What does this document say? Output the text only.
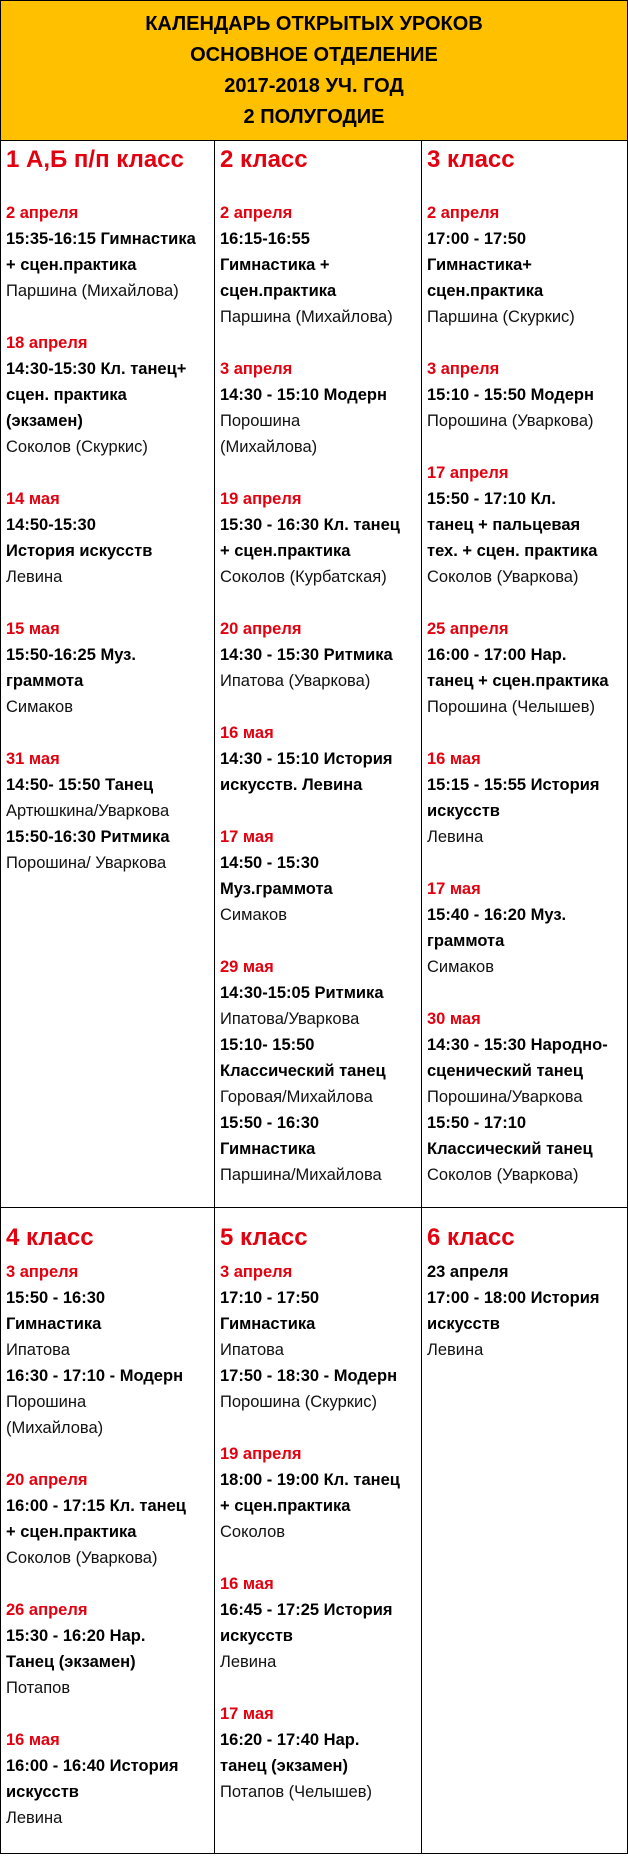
КАЛЕНДАРЬ ОТКРЫТЫХ УРОКОВ
ОСНОВНОЕ ОТДЕЛЕНИЕ
2017-2018 УЧ. ГОД
2 ПОЛУГОДИЕ
1 А,Б п/п класс
2 апреля
15:35-16:15 Гимнастика
+ сцен.практика
Паршина (Михайлова)
18 апреля
14:30-15:30 Кл. танец+
сцен. практика
(экзамен)
Соколов (Скуркис)
14 мая
14:50-15:30
История искусств
Левина
15 мая
15:50-16:25 Муз.
граммота
Симаков
31 мая
14:50- 15:50 Танец
Артюшкина/Уваркова
15:50-16:30 Ритмика
Порошина/ Уваркова
2 класс
2 апреля
16:15-16:55
Гимнастика +
сцен.практика
Паршина (Михайлова)
3 апреля
14:30 - 15:10 Модерн
Порошина
(Михайлова)
19 апреля
15:30 - 16:30 Кл. танец
+ сцен.практика
Соколов (Курбатская)
20 апреля
14:30 - 15:30 Ритмика
Ипатова (Уваркова)
16 мая
14:30 - 15:10 История
искусств. Левина
17 мая
14:50 - 15:30
Муз.граммота
Симаков
29 мая
14:30-15:05 Ритмика
Ипатова/Уваркова
15:10- 15:50
Классический танец
Горовая/Михайлова
15:50 - 16:30
Гимнастика
Паршина/Михайлова
3 класс
2 апреля
17:00 - 17:50
Гимнастика+
сцен.практика
Паршина (Скуркис)
3 апреля
15:10 - 15:50 Модерн
Порошина (Уваркова)
17 апреля
15:50 - 17:10 Кл.
танец + пальцевая
тех. + сцен. практика
Соколов (Уваркова)
25 апреля
16:00 - 17:00 Нар.
танец + сцен.практика
Порошина (Челышев)
16 мая
15:15 - 15:55 История
искусств
Левина
17 мая
15:40 - 16:20 Муз.
граммота
Симаков
30 мая
14:30 - 15:30 Народно-
сценический танец
Порошина/Уваркова
15:50 - 17:10
Классический танец
Соколов (Уваркова)
4 класс
3 апреля
15:50 - 16:30
Гимнастика
Ипатова
16:30 - 17:10 - Модерн
Порошина
(Михайлова)
20 апреля
16:00 - 17:15 Кл. танец
+ сцен.практика
Соколов (Уваркова)
26 апреля
15:30 - 16:20 Нар.
Танец (экзамен)
Потапов
16 мая
16:00 - 16:40 История
искусств
Левина
5 класс
3 апреля
17:10 - 17:50
Гимнастика
Ипатова
17:50 - 18:30 - Модерн
Порошина (Скуркис)
19 апреля
18:00 - 19:00 Кл. танец
+ сцен.практика
Соколов
16 мая
16:45 - 17:25 История
искусств
Левина
17 мая
16:20 - 17:40 Нар.
танец (экзамен)
Потапов (Челышев)
6 класс
23 апреля
17:00 - 18:00 История
искусств
Левина
